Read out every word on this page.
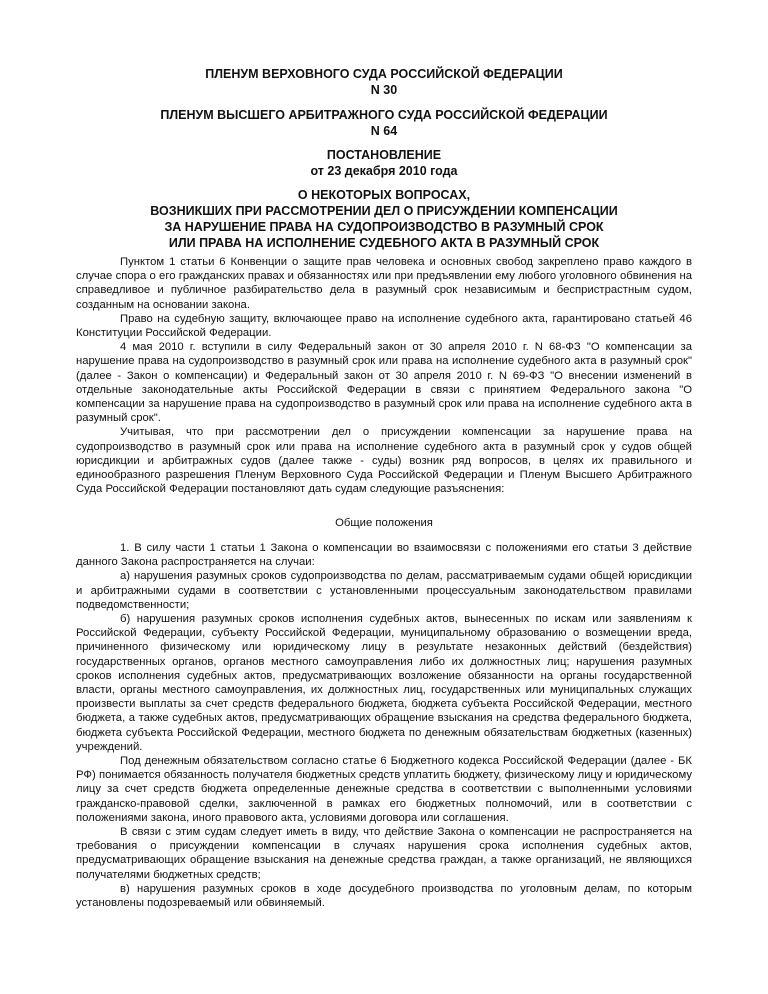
ПЛЕНУМ ВЕРХОВНОГО СУДА РОССИЙСКОЙ ФЕДЕРАЦИИ
N 30
ПЛЕНУМ ВЫСШЕГО АРБИТРАЖНОГО СУДА РОССИЙСКОЙ ФЕДЕРАЦИИ
N 64
ПОСТАНОВЛЕНИЕ
от 23 декабря 2010 года
О НЕКОТОРЫХ ВОПРОСАХ,
ВОЗНИКШИХ ПРИ РАССМОТРЕНИИ ДЕЛ О ПРИСУЖДЕНИИ КОМПЕНСАЦИИ
ЗА НАРУШЕНИЕ ПРАВА НА СУДОПРОИЗВОДСТВО В РАЗУМНЫЙ СРОК
ИЛИ ПРАВА НА ИСПОЛНЕНИЕ СУДЕБНОГО АКТА В РАЗУМНЫЙ СРОК

Пунктом 1 статьи 6 Конвенции о защите прав человека и основных свобод закреплено право каждого в случае спора о его гражданских правах и обязанностях или при предъявлении ему любого уголовного обвинения на справедливое и публичное разбирательство дела в разумный срок независимым и беспристрастным судом, созданным на основании закона.

Право на судебную защиту, включающее право на исполнение судебного акта, гарантировано статьей 46 Конституции Российской Федерации.

4 мая 2010 г. вступили в силу Федеральный закон от 30 апреля 2010 г. N 68-ФЗ "О компенсации за нарушение права на судопроизводство в разумный срок или права на исполнение судебного акта в разумный срок" (далее - Закон о компенсации) и Федеральный закон от 30 апреля 2010 г. N 69-ФЗ "О внесении изменений в отдельные законодательные акты Российской Федерации в связи с принятием Федерального закона "О компенсации за нарушение права на судопроизводство в разумный срок или права на исполнение судебного акта в разумный срок".

Учитывая, что при рассмотрении дел о присуждении компенсации за нарушение права на судопроизводство в разумный срок или права на исполнение судебного акта в разумный срок у судов общей юрисдикции и арбитражных судов (далее также - суды) возник ряд вопросов, в целях их правильного и единообразного разрешения Пленум Верховного Суда Российской Федерации и Пленум Высшего Арбитражного Суда Российской Федерации постановляют дать судам следующие разъяснения:

Общие положения

1. В силу части 1 статьи 1 Закона о компенсации во взаимосвязи с положениями его статьи 3 действие данного Закона распространяется на случаи:

а) нарушения разумных сроков судопроизводства по делам, рассматриваемым судами общей юрисдикции и арбитражными судами в соответствии с установленными процессуальным законодательством правилами подведомственности;

б) нарушения разумных сроков исполнения судебных актов, вынесенных по искам или заявлениям к Российской Федерации, субъекту Российской Федерации, муниципальному образованию о возмещении вреда, причиненного физическому или юридическому лицу в результате незаконных действий (бездействия) государственных органов, органов местного самоуправления либо их должностных лиц; нарушения разумных сроков исполнения судебных актов, предусматривающих возложение обязанности на органы государственной власти, органы местного самоуправления, их должностных лиц, государственных или муниципальных служащих произвести выплаты за счет средств федерального бюджета, бюджета субъекта Российской Федерации, местного бюджета, а также судебных актов, предусматривающих обращение взыскания на средства федерального бюджета, бюджета субъекта Российской Федерации, местного бюджета по денежным обязательствам бюджетных (казенных) учреждений.

Под денежным обязательством согласно статье 6 Бюджетного кодекса Российской Федерации (далее - БК РФ) понимается обязанность получателя бюджетных средств уплатить бюджету, физическому лицу и юридическому лицу за счет средств бюджета определенные денежные средства в соответствии с выполненными условиями гражданско-правовой сделки, заключенной в рамках его бюджетных полномочий, или в соответствии с положениями закона, иного правового акта, условиями договора или соглашения.

В связи с этим судам следует иметь в виду, что действие Закона о компенсации не распространяется на требования о присуждении компенсации в случаях нарушения срока исполнения судебных актов, предусматривающих обращение взыскания на денежные средства граждан, а также организаций, не являющихся получателями бюджетных средств;

в) нарушения разумных сроков в ходе досудебного производства по уголовным делам, по которым установлены подозреваемый или обвиняемый.
